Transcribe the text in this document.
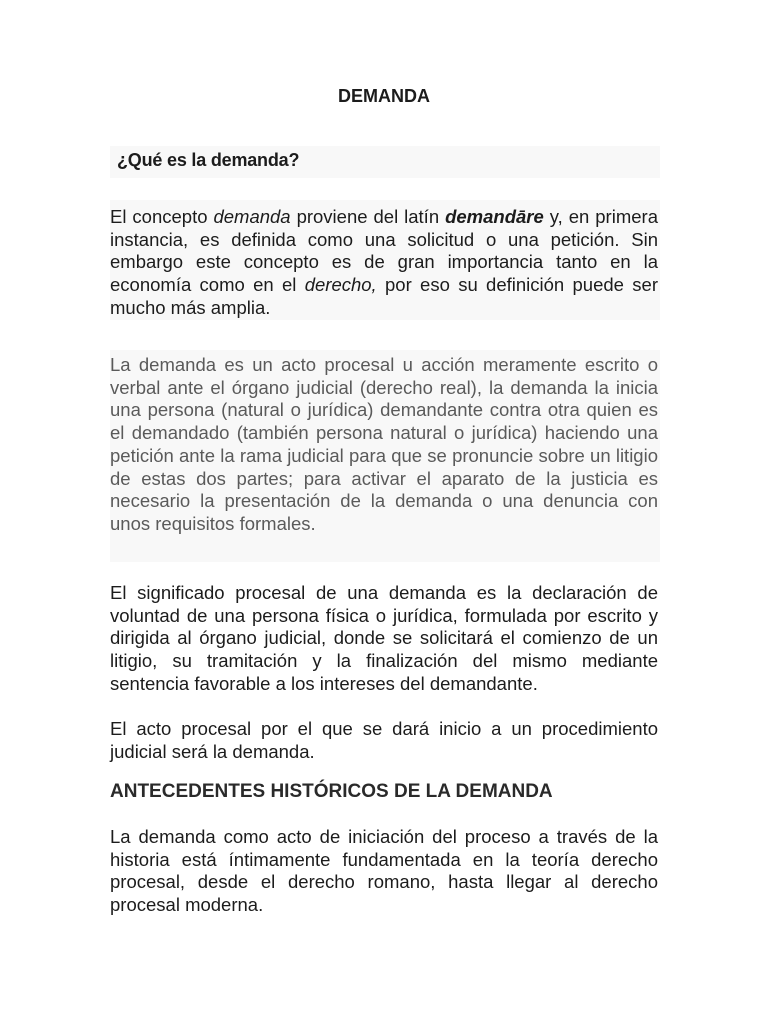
DEMANDA
¿Qué es la demanda?
El concepto demanda proviene del latín demandāre y, en primera instancia, es definida como una solicitud o una petición. Sin embargo este concepto es de gran importancia tanto en la economía como en el derecho, por eso su definición puede ser mucho más amplia.
La demanda es un acto procesal u acción meramente escrito o verbal ante el órgano judicial (derecho real), la demanda la inicia una persona (natural o jurídica) demandante contra otra quien es el demandado (también persona natural o jurídica) haciendo una petición ante la rama judicial para que se pronuncie sobre un litigio de estas dos partes; para activar el aparato de la justicia es necesario la presentación de la demanda o una denuncia con unos requisitos formales.
El significado procesal de una demanda es la declaración de voluntad de una persona física o jurídica, formulada por escrito y dirigida al órgano judicial, donde se solicitará el comienzo de un litigio, su tramitación y la finalización del mismo mediante sentencia favorable a los intereses del demandante.
El acto procesal por el que se dará inicio a un procedimiento judicial será la demanda.
ANTECEDENTES HISTÓRICOS DE LA DEMANDA
La demanda como acto de iniciación del proceso a través de la historia está íntimamente fundamentada en la teoría derecho procesal, desde el derecho romano, hasta llegar al derecho procesal moderna.
